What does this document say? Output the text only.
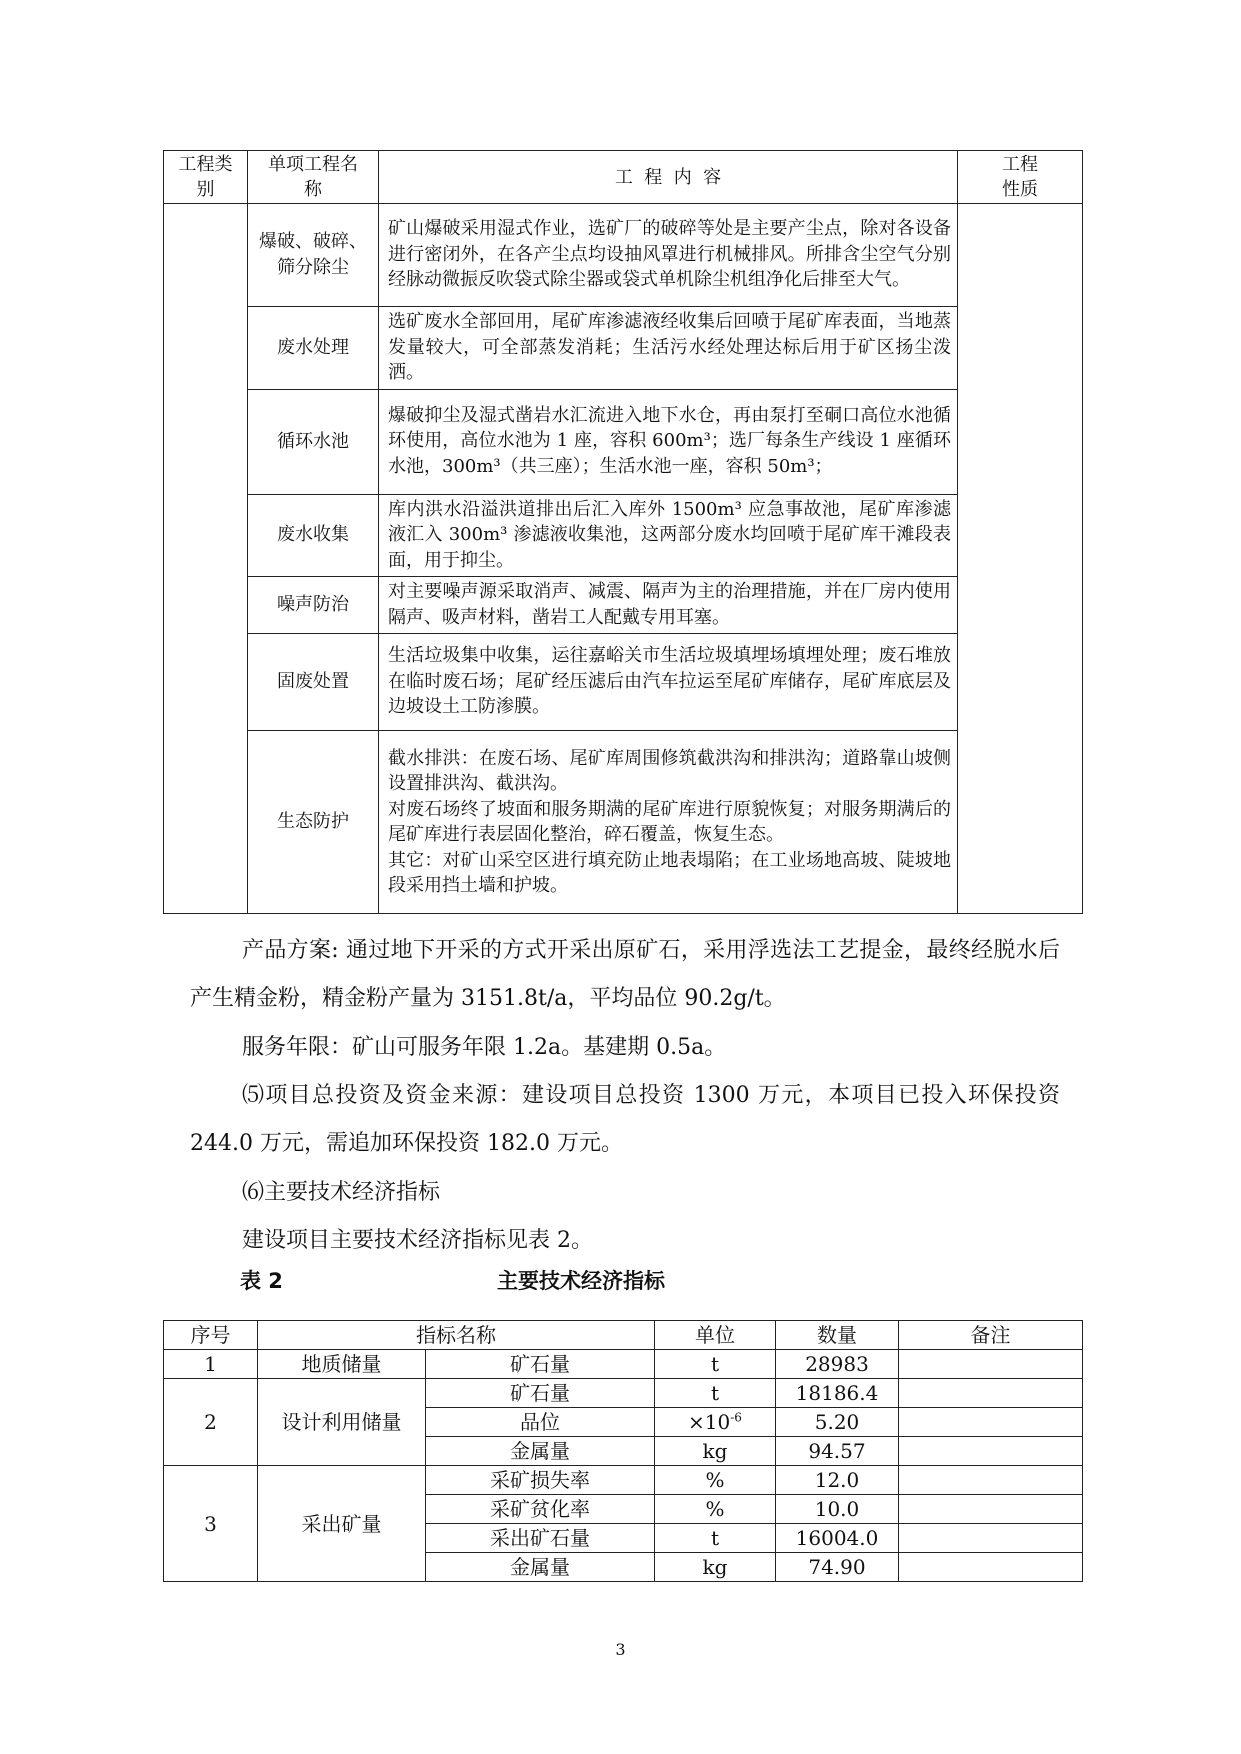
工程类别	单项工程名称	工  程  内  容	工程性质
	爆破、破碎、筛分除尘	矿山爆破采用湿式作业，选矿厂的破碎等处是主要产尘点，除对各设备进行密闭外，在各产尘点均设抽风罩进行机械排风。所排含尘空气分别经脉动微振反吹袋式除尘器或袋式单机除尘机组净化后排至大气。	
	废水处理	选矿废水全部回用，尾矿库渗滤液经收集后回喷于尾矿库表面，当地蒸发量较大，可全部蒸发消耗；生活污水经处理达标后用于矿区扬尘泼洒。	
	循环水池	爆破抑尘及湿式凿岩水汇流进入地下水仓，再由泵打至硐口高位水池循环使用，高位水池为 1 座，容积 600m³；选厂每条生产线设 1 座循环水池，300m³（共三座）；生活水池一座，容积 50m³；	
	废水收集	库内洪水沿溢洪道排出后汇入库外 1500m³ 应急事故池，尾矿库渗滤液汇入 300m³ 渗滤液收集池，这两部分废水均回喷于尾矿库干滩段表面，用于抑尘。	
	噪声防治	对主要噪声源采取消声、减震、隔声为主的治理措施，并在厂房内使用隔声、吸声材料，凿岩工人配戴专用耳塞。	
	固废处置	生活垃圾集中收集，运往嘉峪关市生活垃圾填埋场填埋处理；废石堆放在临时废石场；尾矿经压滤后由汽车拉运至尾矿库储存，尾矿库底层及边坡设土工防渗膜。	
	生态防护	截水排洪：在废石场、尾矿库周围修筑截洪沟和排洪沟；道路靠山坡侧设置排洪沟、截洪沟。
对废石场终了坡面和服务期满的尾矿库进行原貌恢复；对服务期满后的尾矿库进行表层固化整治，碎石覆盖，恢复生态。
其它：对矿山采空区进行填充防止地表塌陷；在工业场地高坡、陡坡地段采用挡土墙和护坡。	

产品方案: 通过地下开采的方式开采出原矿石，采用浮选法工艺提金，最终经脱水后产生精金粉，精金粉产量为 3151.8t/a，平均品位 90.2g/t。

服务年限：矿山可服务年限 1.2a。基建期 0.5a。

⑸项目总投资及资金来源：建设项目总投资 1300 万元，本项目已投入环保投资 244.0 万元，需追加环保投资 182.0 万元。

⑹主要技术经济指标

建设项目主要技术经济指标见表 2。

表 2	主要技术经济指标
序号	指标名称		单位	数量	备注
1	地质储量	矿石量	t	28983	
2	设计利用储量	矿石量	t	18186.4	
		品位	$\times 10^{-6}$	5.20	
		金属量	kg	94.57	
3	采出矿量	采矿损失率	%	12.0	
		采矿贫化率	%	10.0	
		采出矿石量	t	16004.0	
		金属量	kg	74.90	
3
